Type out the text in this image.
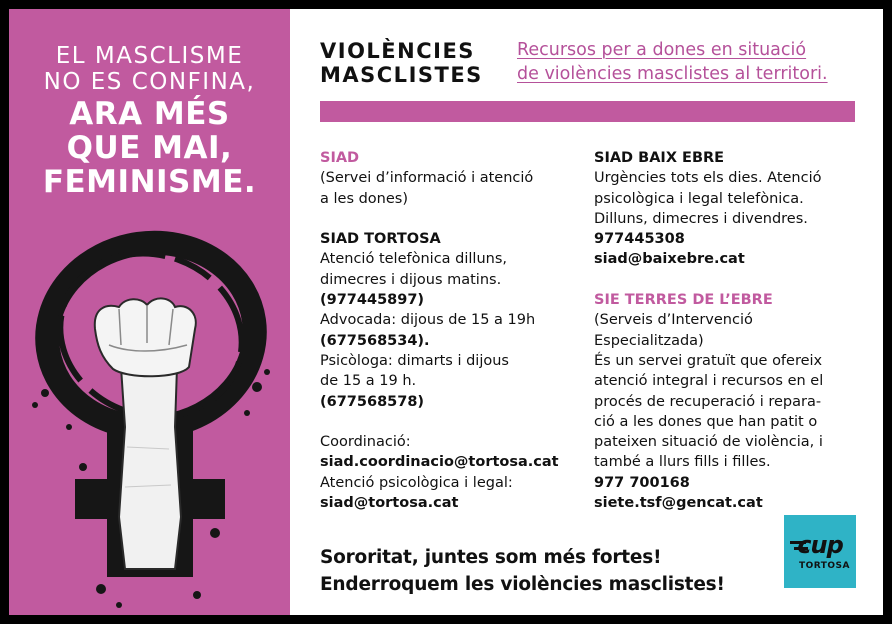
EL MASCLISME
NO ES CONFINA,
ARA MÉS
QUE MAI,
FEMINISME.
VIOLÈNCIES
MASCLISTES
Recursos per a dones en situació
de violències masclistes al territori.
SIAD
(Servei d’informació i atenció
a les dones)
SIAD TORTOSA
Atenció telefònica dilluns,
dimecres i dijous matins.
(977445897)
Advocada: dijous de 15 a 19h
(677568534).
Psicòloga: dimarts i dijous
de 15 a 19 h.
(677568578)
Coordinació:
siad.coordinacio@tortosa.cat
Atenció psicològica i legal:
siad@tortosa.cat
SIAD BAIX EBRE
Urgències tots els dies. Atenció
psicològica i legal telefònica.
Dilluns, dimecres i divendres.
977445308
siad@baixebre.cat
SIE TERRES DE L’EBRE
(Serveis d’Intervenció
Especialitzada)
És un servei gratuït que ofereix
atenció integral i recursos en el
procés de recuperació i repara-
ció a les dones que han patit o
pateixen situació de violència, i
també a llurs fills i filles.
977 700168
siete.tsf@gencat.cat
Sororitat, juntes som més fortes!
Enderroquem les violències masclistes!
cup
TORTOSA
